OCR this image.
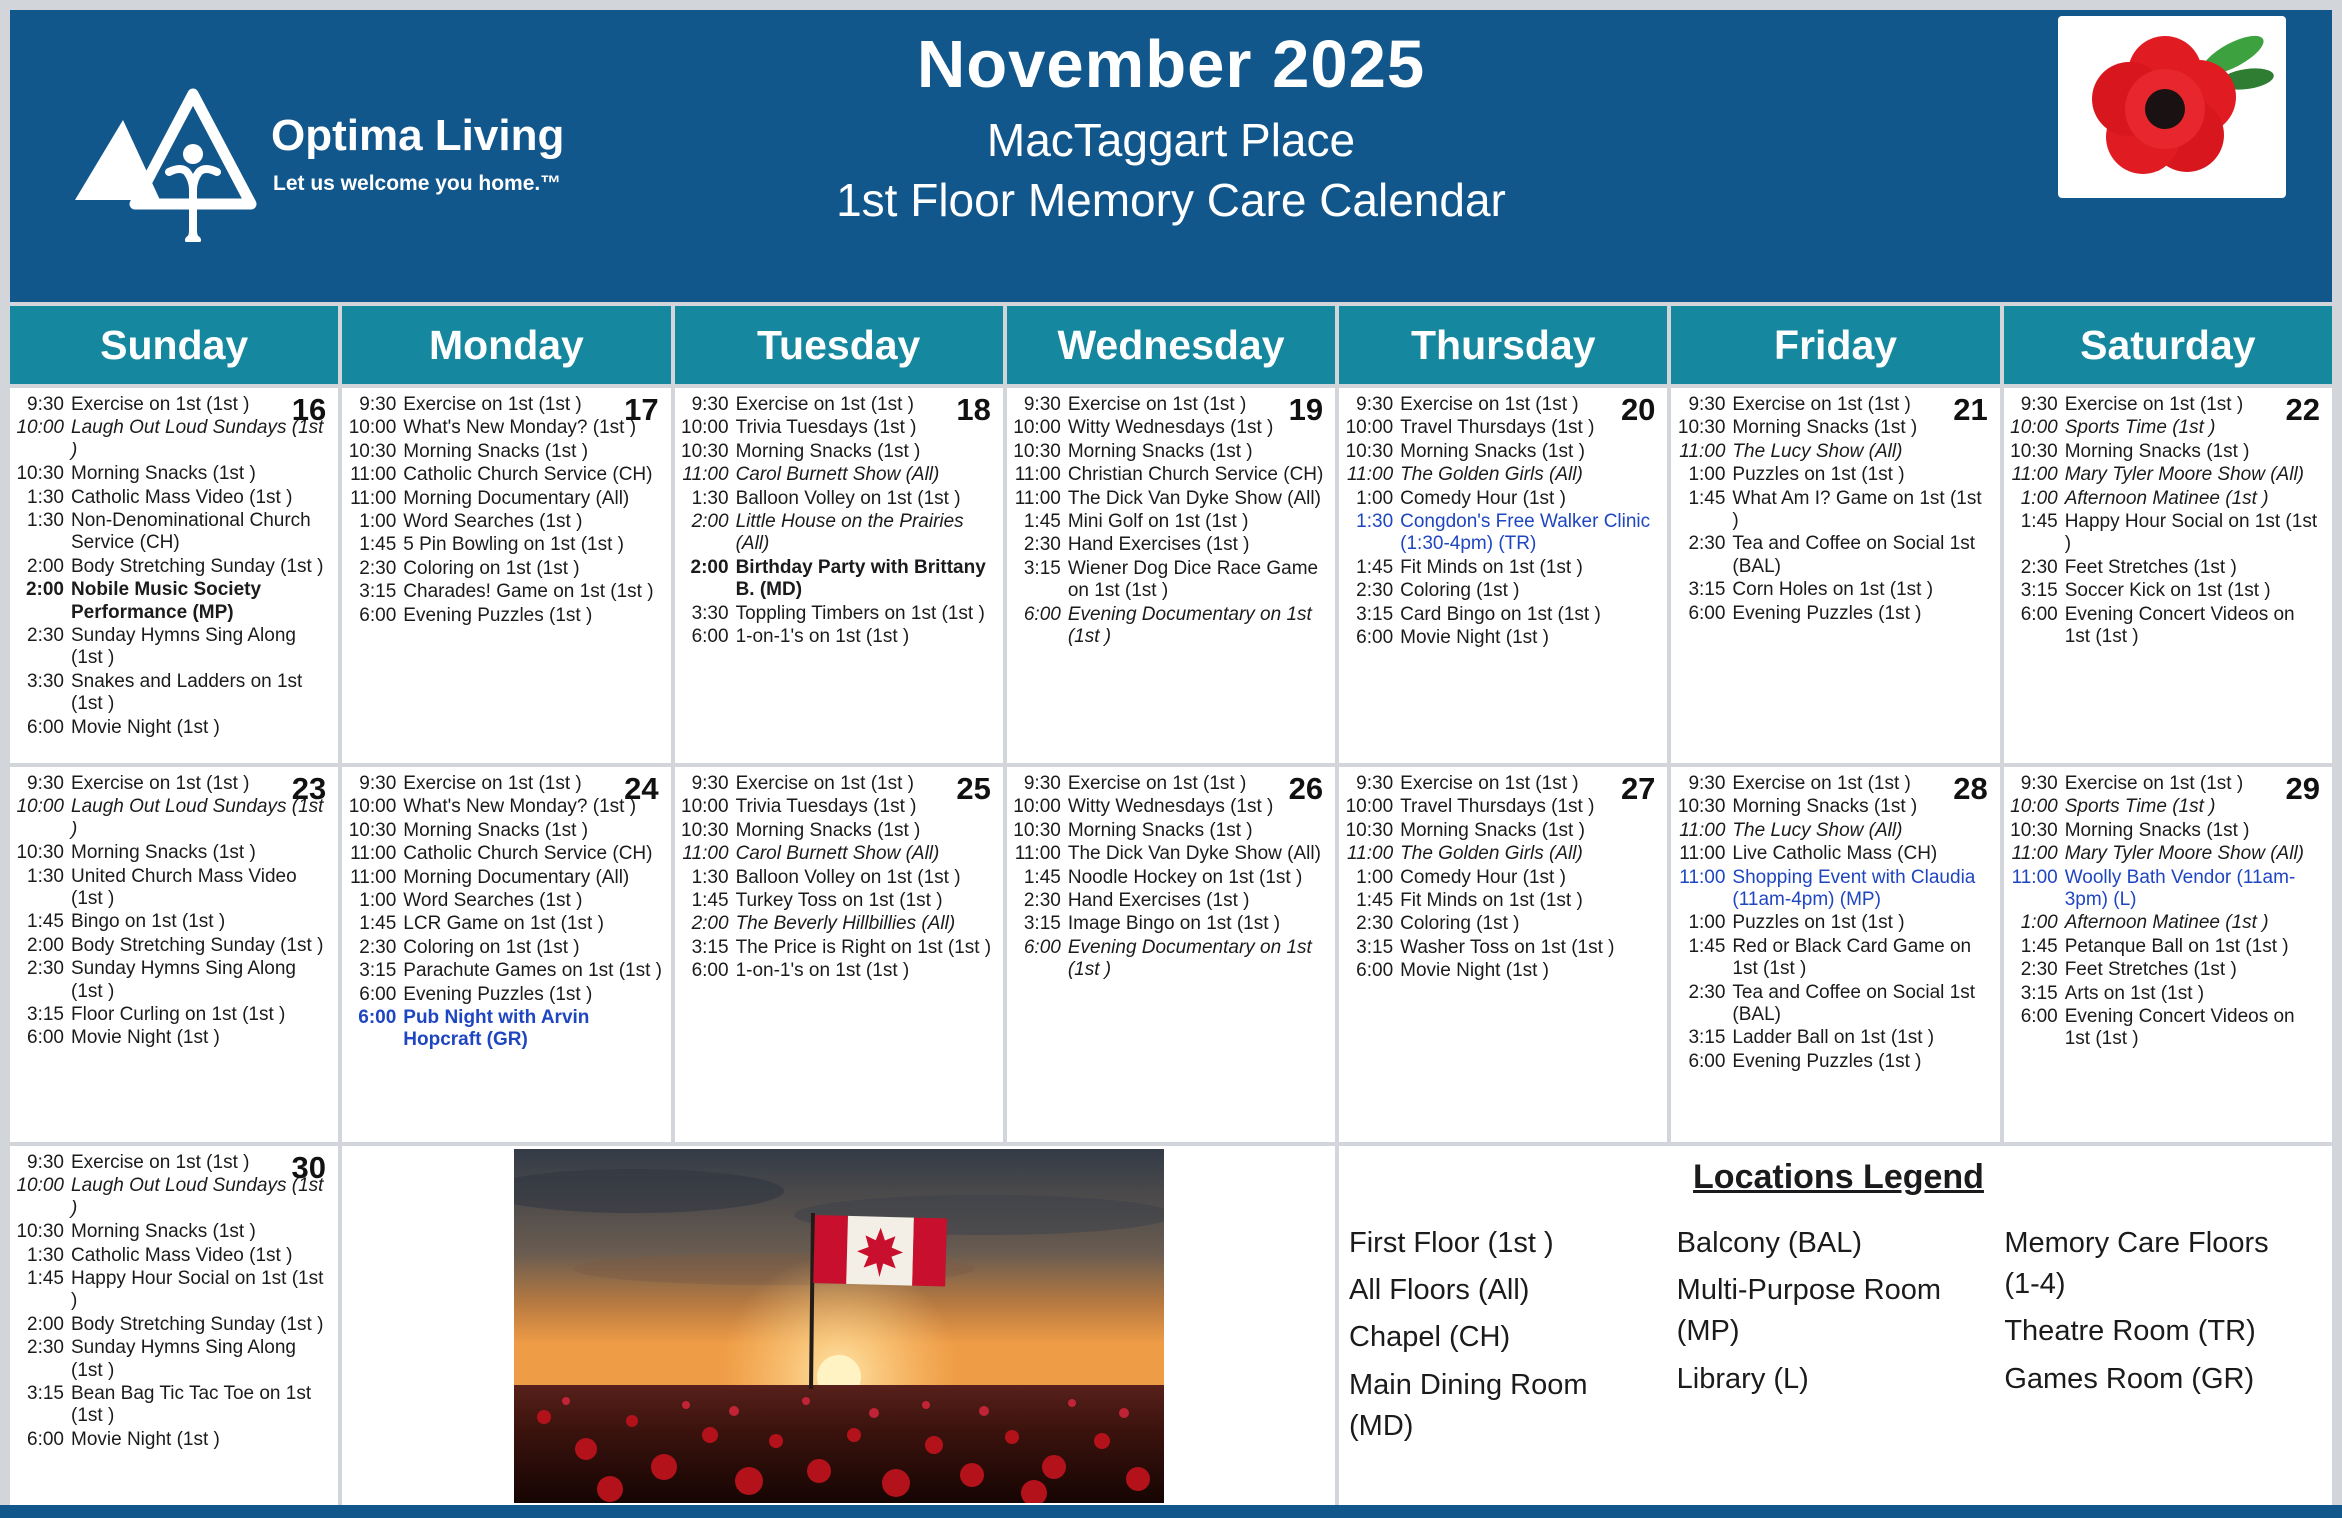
Optima Living
Let us welcome you home.™
November 2025
MacTaggart Place
1st Floor Memory Care Calendar
Sunday	Monday	Tuesday	Wednesday	Thursday	Friday	Saturday
16
9:30 Exercise on 1st (1st )
10:00 Laugh Out Loud Sundays (1st )
10:30 Morning Snacks (1st )
1:30 Catholic Mass Video (1st )
1:30 Non-Denominational Church Service (CH)
2:00 Body Stretching Sunday (1st )
2:00 Nobile Music Society Performance (MP)
2:30 Sunday Hymns Sing Along (1st )
3:30 Snakes and Ladders on 1st (1st )
6:00 Movie Night (1st )
17
9:30 Exercise on 1st (1st )
10:00 What's New Monday? (1st )
10:30 Morning Snacks (1st )
11:00 Catholic Church Service (CH)
11:00 Morning Documentary (All)
1:00 Word Searches (1st )
1:45 5 Pin Bowling on 1st (1st )
2:30 Coloring on 1st (1st )
3:15 Charades! Game on 1st (1st )
6:00 Evening Puzzles (1st )
18
9:30 Exercise on 1st (1st )
10:00 Trivia Tuesdays (1st )
10:30 Morning Snacks (1st )
11:00 Carol Burnett Show (All)
1:30 Balloon Volley on 1st (1st )
2:00 Little House on the Prairies (All)
2:00 Birthday Party with Brittany B. (MD)
3:30 Toppling Timbers on 1st (1st )
6:00 1-on-1's on 1st (1st )
19
9:30 Exercise on 1st (1st )
10:00 Witty Wednesdays (1st )
10:30 Morning Snacks (1st )
11:00 Christian Church Service (CH)
11:00 The Dick Van Dyke Show (All)
1:45 Mini Golf on 1st (1st )
2:30 Hand Exercises (1st )
3:15 Wiener Dog Dice Race Game on 1st (1st )
6:00 Evening Documentary on 1st (1st )
20
9:30 Exercise on 1st (1st )
10:00 Travel Thursdays (1st )
10:30 Morning Snacks (1st )
11:00 The Golden Girls (All)
1:00 Comedy Hour (1st )
1:30 Congdon's Free Walker Clinic (1:30-4pm) (TR)
1:45 Fit Minds on 1st (1st )
2:30 Coloring (1st )
3:15 Card Bingo on 1st (1st )
6:00 Movie Night (1st )
21
9:30 Exercise on 1st (1st )
10:30 Morning Snacks (1st )
11:00 The Lucy Show (All)
1:00 Puzzles on 1st (1st )
1:45 What Am I? Game on 1st (1st )
2:30 Tea and Coffee on Social 1st (BAL)
3:15 Corn Holes on 1st (1st )
6:00 Evening Puzzles (1st )
22
9:30 Exercise on 1st (1st )
10:00 Sports Time (1st )
10:30 Morning Snacks (1st )
11:00 Mary Tyler Moore Show (All)
1:00 Afternoon Matinee (1st )
1:45 Happy Hour Social on 1st (1st )
2:30 Feet Stretches (1st )
3:15 Soccer Kick on 1st (1st )
6:00 Evening Concert Videos on 1st (1st )
23
9:30 Exercise on 1st (1st )
10:00 Laugh Out Loud Sundays (1st )
10:30 Morning Snacks (1st )
1:30 United Church Mass Video (1st )
1:45 Bingo on 1st (1st )
2:00 Body Stretching Sunday (1st )
2:30 Sunday Hymns Sing Along (1st )
3:15 Floor Curling on 1st (1st )
6:00 Movie Night (1st )
24
9:30 Exercise on 1st (1st )
10:00 What's New Monday? (1st )
10:30 Morning Snacks (1st )
11:00 Catholic Church Service (CH)
11:00 Morning Documentary (All)
1:00 Word Searches (1st )
1:45 LCR Game on 1st (1st )
2:30 Coloring on 1st (1st )
3:15 Parachute Games on 1st (1st )
6:00 Evening Puzzles (1st )
6:00 Pub Night with Arvin Hopcraft (GR)
25
9:30 Exercise on 1st (1st )
10:00 Trivia Tuesdays (1st )
10:30 Morning Snacks (1st )
11:00 Carol Burnett Show (All)
1:30 Balloon Volley on 1st (1st )
1:45 Turkey Toss on 1st (1st )
2:00 The Beverly Hillbillies (All)
3:15 The Price is Right on 1st (1st )
6:00 1-on-1's on 1st (1st )
26
9:30 Exercise on 1st (1st )
10:00 Witty Wednesdays (1st )
10:30 Morning Snacks (1st )
11:00 The Dick Van Dyke Show (All)
1:45 Noodle Hockey on 1st (1st )
2:30 Hand Exercises (1st )
3:15 Image Bingo on 1st (1st )
6:00 Evening Documentary on 1st (1st )
27
9:30 Exercise on 1st (1st )
10:00 Travel Thursdays (1st )
10:30 Morning Snacks (1st )
11:00 The Golden Girls (All)
1:00 Comedy Hour (1st )
1:45 Fit Minds on 1st (1st )
2:30 Coloring (1st )
3:15 Washer Toss on 1st (1st )
6:00 Movie Night (1st )
28
9:30 Exercise on 1st (1st )
10:30 Morning Snacks (1st )
11:00 The Lucy Show (All)
11:00 Live Catholic Mass (CH)
11:00 Shopping Event with Claudia (11am-4pm) (MP)
1:00 Puzzles on 1st (1st )
1:45 Red or Black Card Game on 1st (1st )
2:30 Tea and Coffee on Social 1st (BAL)
3:15 Ladder Ball on 1st (1st )
6:00 Evening Puzzles (1st )
29
9:30 Exercise on 1st (1st )
10:00 Sports Time (1st )
10:30 Morning Snacks (1st )
11:00 Mary Tyler Moore Show (All)
11:00 Woolly Bath Vendor (11am-3pm) (L)
1:00 Afternoon Matinee (1st )
1:45 Petanque Ball on 1st (1st )
2:30 Feet Stretches (1st )
3:15 Arts on 1st (1st )
6:00 Evening Concert Videos on 1st (1st )
30
9:30 Exercise on 1st (1st )
10:00 Laugh Out Loud Sundays (1st )
10:30 Morning Snacks (1st )
1:30 Catholic Mass Video (1st )
1:45 Happy Hour Social on 1st (1st )
2:00 Body Stretching Sunday (1st )
2:30 Sunday Hymns Sing Along (1st )
3:15 Bean Bag Tic Tac Toe on 1st (1st )
6:00 Movie Night (1st )
Locations Legend
First Floor (1st )
All Floors (All)
Chapel (CH)
Main Dining Room (MD)
Balcony (BAL)
Multi-Purpose Room (MP)
Library (L)
Memory Care Floors (1-4)
Theatre Room (TR)
Games Room (GR)
